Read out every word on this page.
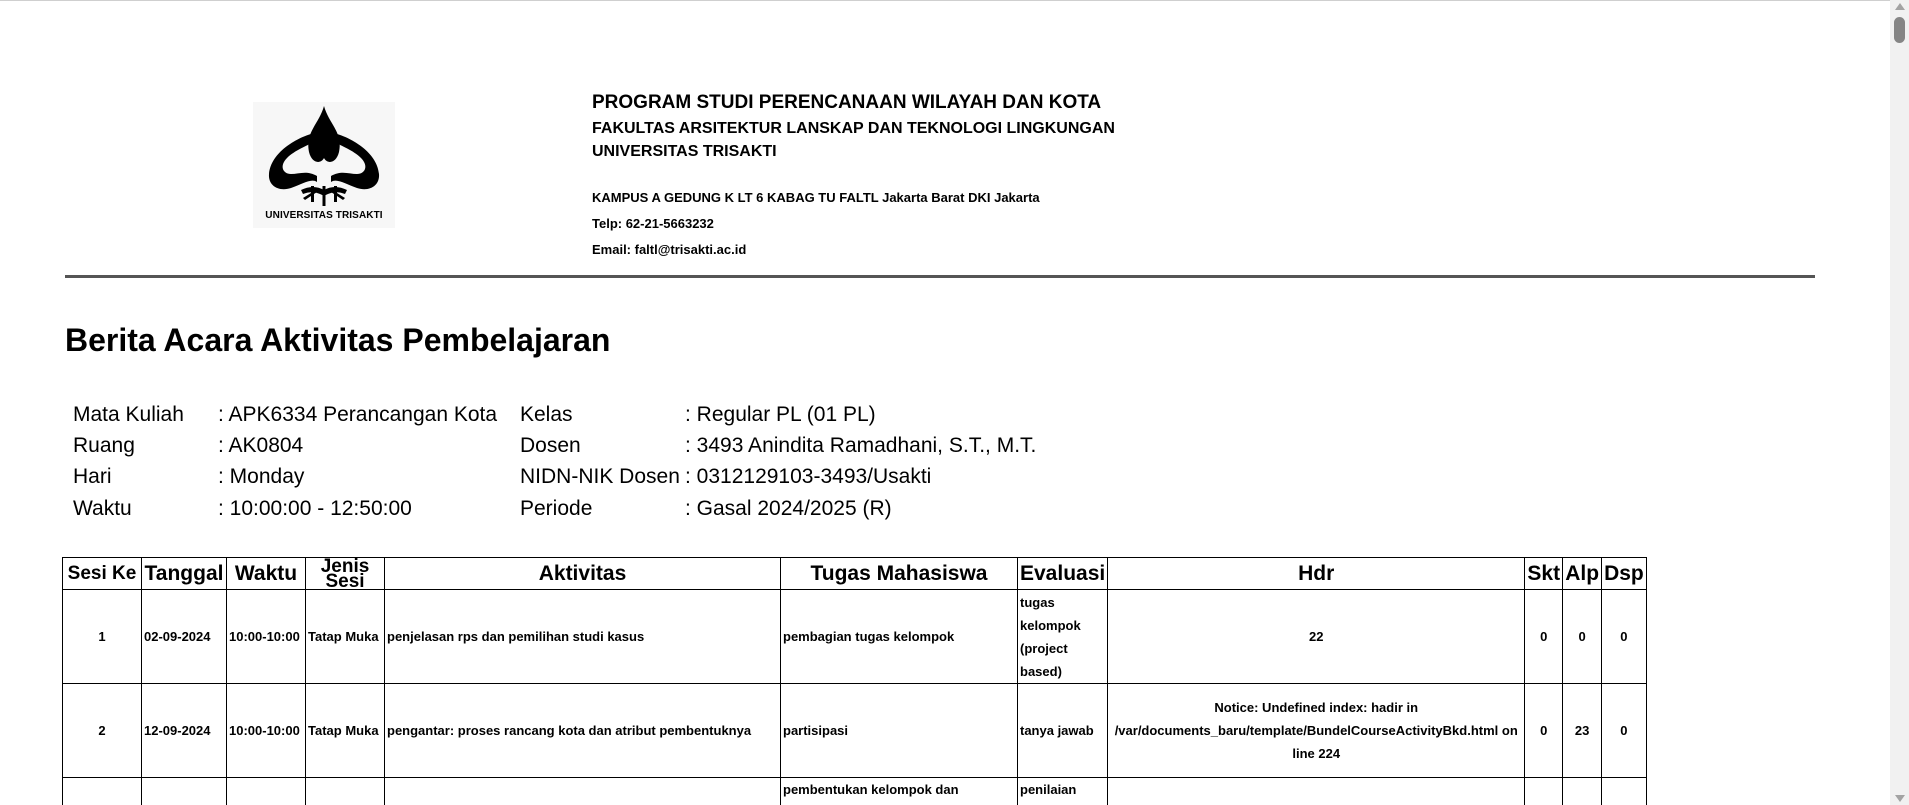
UNIVERSITAS TRISAKTI
PROGRAM STUDI PERENCANAAN WILAYAH DAN KOTA
FAKULTAS ARSITEKTUR LANSKAP DAN TEKNOLOGI LINGKUNGAN
UNIVERSITAS TRISAKTI
KAMPUS A GEDUNG K LT 6 KABAG TU FALTL Jakarta Barat DKI Jakarta
Telp: 62-21-5663232
Email: faltl@trisakti.ac.id
Berita Acara Aktivitas Pembelajaran
Mata Kuliah : APK6334 Perancangan Kota
Ruang	: AK0804
Hari	: Monday
Waktu	: 10:00:00 - 12:50:00
Kelas	: Regular PL (01 PL)
Dosen	: 3493 Anindita Ramadhani, S.T., M.T.
NIDN-NIK Dosen : 0312129103-3493/Usakti
Periode	: Gasal 2024/2025 (R)
Sesi Ke	Tanggal	Waktu	Jenis Sesi	Aktivitas	Tugas Mahasiswa	Evaluasi	Hdr	Skt	Alp	Dsp
1	02-09-2024	10:00-10:00	Tatap Muka	penjelasan rps dan pemilihan studi kasus	pembagian tugas kelompok	tugas kelompok (project based)	22	0	0	0
2	12-09-2024	10:00-10:00	Tatap Muka	pengantar: proses rancang kota dan atribut pembentuknya	partisipasi	tanya jawab	Notice: Undefined index: hadir in /var/documents_baru/template/BundelCourseActivityBkd.html on line 224	0	23	0
					pembentukan kelompok dan	penilaian				
